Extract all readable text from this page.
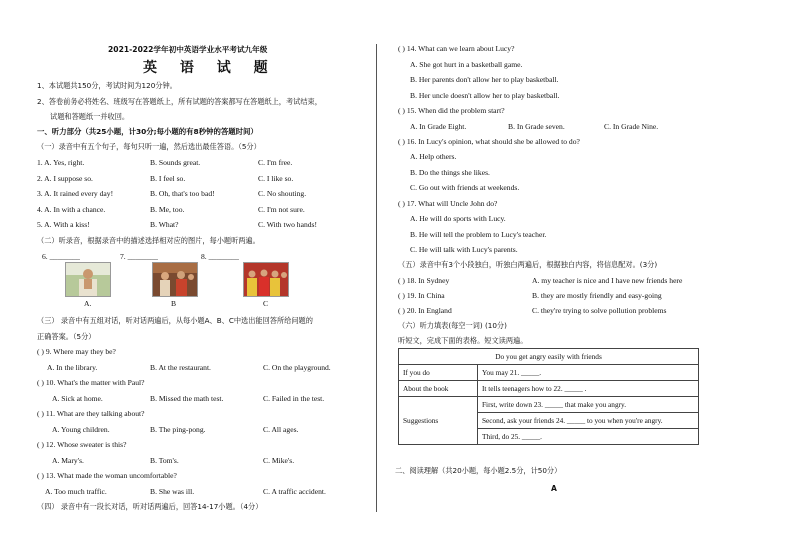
2021-2022学年初中英语学业水平考试九年级
英 语 试 题
1、本试题共150分，考试时间为120分钟。
2、答卷前务必将姓名、班级写在答题纸上，所有试题的答案都写在答题纸上，考试结束，
试题和答题纸一并收回。
一、听力部分（共25小题，计30分;每小题的有8秒钟的答题时间）
（一）录音中有五个句子，每句只听一遍，然后选出最佳答语。（5分）
1. A. Yes, right.	B. Sounds great.	C. I'm free.
2. A. I suppose so.	B. I feel so.	C. I like so.
3. A. It rained every day!	B. Oh, that's too bad!	C. No shouting.
4. A. In with a chance.	B. Me, too.	C. I'm not sure.
5. A. With a kiss!	B. What?	C. With two hands!
（二）听录音，根据录音中的描述选择相对应的图片，每小题听两遍。
6. ________	7. ________	8. ________
A.	B	C
（三） 录音中有五组对话，听对话两遍后，从每小题A、B、C中选出能回答所给问题的
正确答案。（5分）
( ) 9. Where may they be?
A. In the library.	B. At the restaurant.	C. On the playground.
( ) 10. What's the matter with Paul?
A. Sick at home.	B. Missed the math test.	C. Failed in the test.
( ) 11. What are they talking about?
A. Young children.	B. The ping-pong.	C. All ages.
( ) 12. Whose sweater is this?
A. Mary's.	B. Tom's.	C. Mike's.
( ) 13. What made the woman uncomfortable?
A. Too much traffic.	B. She was ill.	C. A traffic accident.
（四） 录音中有一段长对话，听对话两遍后，回答14-17小题。（4分）
( ) 14. What can we learn about Lucy?
A. She got hurt in a basketball game.
B. Her parents don't allow her to play basketball.
B. Her uncle doesn't allow her to play basketball.
( ) 15. When did the problem start?
A. In Grade Eight.	B. In Grade seven.	C. In Grade Nine.
( ) 16. In Lucy's opinion, what should she be allowed to do?
A. Help others.
B. Do the things she likes.
C. Go out with friends at weekends.
( ) 17. What will Uncle John do?
A. He will do sports with Lucy.
B. He will tell the problem to Lucy's teacher.
C. He will talk with Lucy's parents.
（五）录音中有3个小段独白，听独白两遍后，根据独白内容，将信息配对。(3分)
( ) 18. In Sydney	A. my teacher is nice and I have new friends here
( ) 19. In China	B. they are mostly friendly and easy-going
( ) 20. In England	C. they're trying to solve pollution problems
（六）听力填表(每空一词) (10分)
听短文，完成下面的表格。短文读两遍。
Do you get angry easily with friends	
If you do	You may 21. _____.
About the book	It tells teenagers how to 22. _____ .
Suggestions	First, write down 23. _____ that make you angry.
	Second, ask your friends 24. _____ to you when you're angry.
	Third, do 25. _____.
二、阅读理解（共20小题，每小题2.5分，计50分）
A
